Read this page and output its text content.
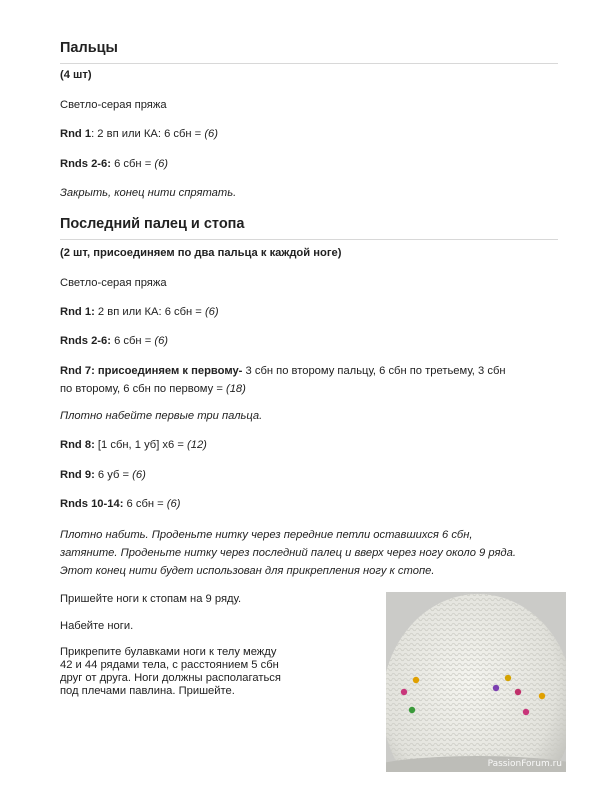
Пальцы
(4 шт)
Светло-серая пряжа
Rnd 1: 2 вп или КА: 6 сбн = (6)
Rnds 2-6: 6 сбн = (6)
Закрыть, конец нити спрятать.
Последний палец и стопа
(2 шт, присоединяем по два пальца к каждой ноге)
Светло-серая пряжа
Rnd 1: 2 вп или КА: 6 сбн = (6)
Rnds 2-6: 6 сбн = (6)
Rnd 7: присоединяем к первому- 3 сбн по второму пальцу, 6 сбн по третьему, 3 сбн
по второму, 6 сбн по первому = (18)
Плотно набейте первые три пальца.
Rnd 8: [1 сбн, 1 уб] x6 = (12)
Rnd 9: 6 уб = (6)
Rnds 10-14: 6 сбн = (6)
Плотно набить. Проденьте нитку через передние петли оставшихся 6 сбн,
затяните. Проденьте нитку через последний палец и вверх через ногу около 9 ряда.
Этот конец нити будет использован для прикрепления ногу к стопе.
Пришейте ноги к стопам на 9 ряду.
Набейте ноги.
Прикрепите булавками ноги к телу между
42 и 44 рядами тела, с расстоянием 5 сбн
друг от друга. Ноги должны располагаться
под плечами павлина. Пришейте.
PassionForum.ru
